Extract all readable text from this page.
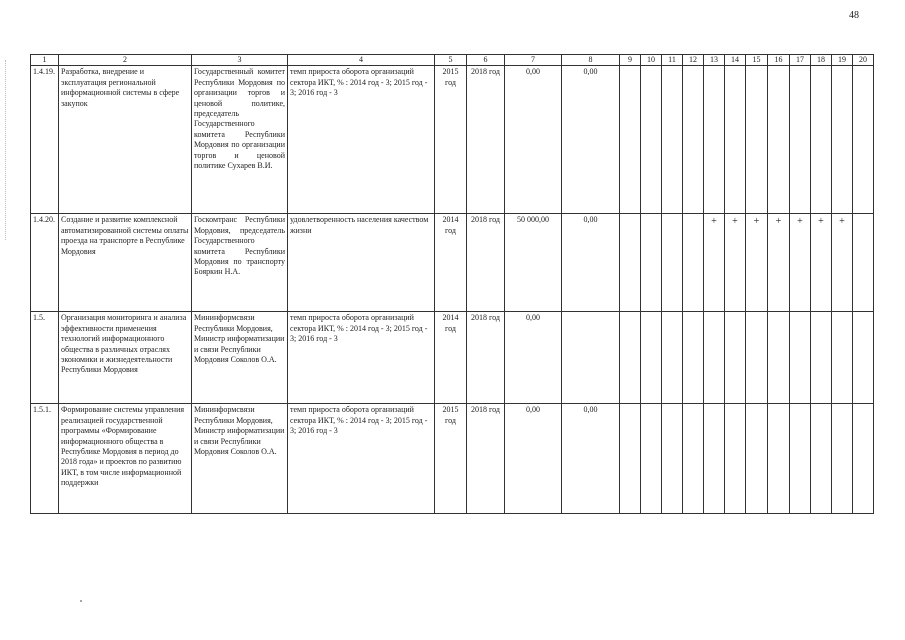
48
1	2	3	4	5	6	7	8	9	10	11	12	13	14	15	16	17	18	19	20
1.4.19.	Разработка, внедрение и эксплуатация региональной информационной системы в сфере закупок	Государственный комитет Республики Мордовия по организации торгов и ценовой политике, председатель Государственного комитета Республики Мордовия по организации торгов и ценовой политике Сухарев В.И.	темп прироста оборота организаций сектора ИКТ, % : 2014 год - 3; 2015 год - 3; 2016 год - 3	2015 год	2018 год	0,00	0,00												
1.4.20.	Создание и развитие комплексной автоматизированной системы оплаты проезда на транспорте в Республике Мордовия	Госкомтранс Республики Мордовия, председатель Государственного комитета Республики Мордовия по транспорту Бояркин Н.А.	удовлетворенность населения качеством жизни	2014 год	2018 год	50 000,00	0,00					+	+	+	+	+	+	+	
1.5.	Организация мониторинга и анализа эффективности применения технологий информационного общества в различных отраслях экономики и жизнедеятельности Республики Мордовия	Мининформсвязи Республики Мордовия, Министр информатизации и связи Республики Мордовия Соколов О.А.	темп прироста оборота организаций сектора ИКТ, % : 2014 год - 3; 2015 год - 3; 2016 год - 3	2014 год	2018 год	0,00													
1.5.1.	Формирование системы управления реализацией государственной программы «Формирование информационного общества в Республике Мордовия в период до 2018 года» и проектов по развитию ИКТ, в том числе информационной поддержки	Мининформсвязи Республики Мордовия, Министр информатизации и связи Республики Мордовия Соколов О.А.	темп прироста оборота организаций сектора ИКТ, % : 2014 год - 3; 2015 год - 3; 2016 год - 3	2015 год	2018 год	0,00	0,00												
